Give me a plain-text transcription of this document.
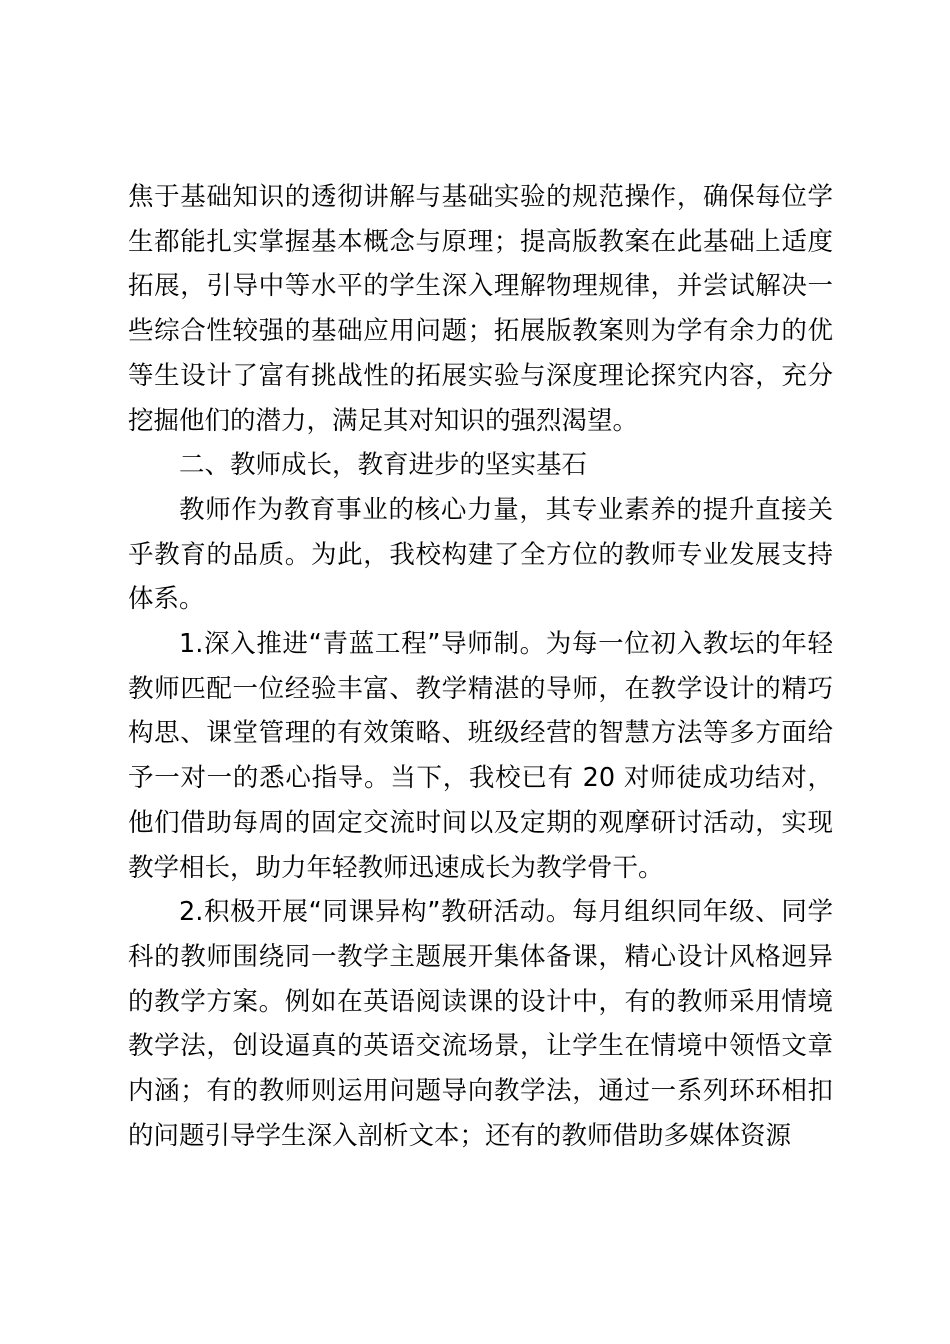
焦于基础知识的透彻讲解与基础实验的规范操作，确保每位学生都能扎实掌握基本概念与原理；提高版教案在此基础上适度拓展，引导中等水平的学生深入理解物理规律，并尝试解决一些综合性较强的基础应用问题；拓展版教案则为学有余力的优等生设计了富有挑战性的拓展实验与深度理论探究内容，充分挖掘他们的潜力，满足其对知识的强烈渴望。

二、教师成长，教育进步的坚实基石

教师作为教育事业的核心力量，其专业素养的提升直接关乎教育的品质。为此，我校构建了全方位的教师专业发展支持体系。

1.深入推进“青蓝工程”导师制。为每一位初入教坛的年轻教师匹配一位经验丰富、教学精湛的导师，在教学设计的精巧构思、课堂管理的有效策略、班级经营的智慧方法等多方面给予一对一的悉心指导。当下，我校已有 20 对师徒成功结对，他们借助每周的固定交流时间以及定期的观摩研讨活动，实现教学相长，助力年轻教师迅速成长为教学骨干。

2.积极开展“同课异构”教研活动。每月组织同年级、同学科的教师围绕同一教学主题展开集体备课，精心设计风格迥异的教学方案。例如在英语阅读课的设计中，有的教师采用情境教学法，创设逼真的英语交流场景，让学生在情境中领悟文章内涵；有的教师则运用问题导向教学法，通过一系列环环相扣的问题引导学生深入剖析文本；还有的教师借助多媒体资源
